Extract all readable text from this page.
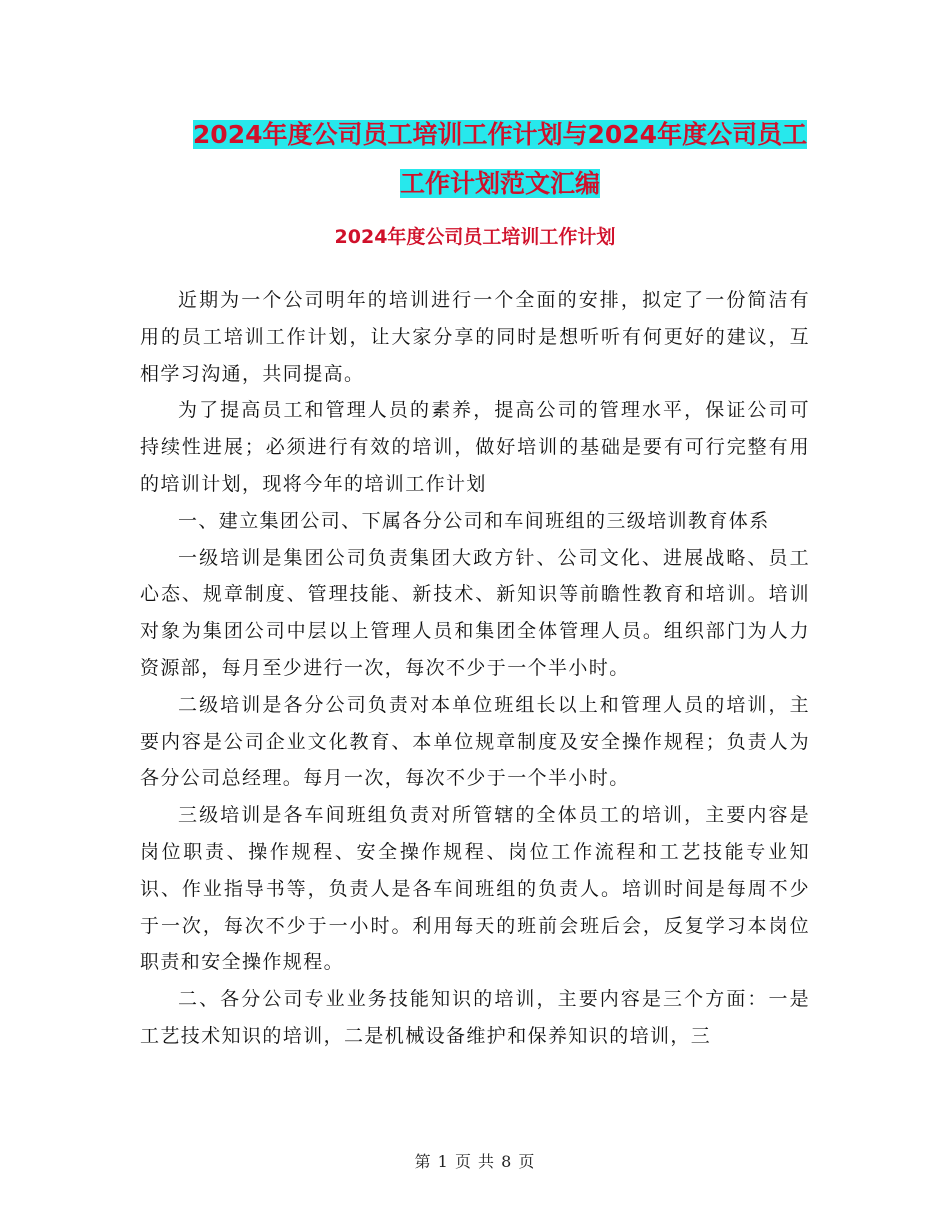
2024年度公司员工培训工作计划与2024年度公司员工
工作计划范文汇编
2024年度公司员工培训工作计划

近期为一个公司明年的培训进行一个全面的安排，拟定了一份简洁有用的员工培训工作计划，让大家分享的同时是想听听有何更好的建议，互相学习沟通，共同提高。

为了提高员工和管理人员的素养，提高公司的管理水平，保证公司可持续性进展；必须进行有效的培训，做好培训的基础是要有可行完整有用的培训计划，现将今年的培训工作计划

一、建立集团公司、下属各分公司和车间班组的三级培训教育体系

一级培训是集团公司负责集团大政方针、公司文化、进展战略、员工心态、规章制度、管理技能、新技术、新知识等前瞻性教育和培训。培训对象为集团公司中层以上管理人员和集团全体管理人员。组织部门为人力资源部，每月至少进行一次，每次不少于一个半小时。

二级培训是各分公司负责对本单位班组长以上和管理人员的培训，主要内容是公司企业文化教育、本单位规章制度及安全操作规程；负责人为各分公司总经理。每月一次，每次不少于一个半小时。

三级培训是各车间班组负责对所管辖的全体员工的培训，主要内容是岗位职责、操作规程、安全操作规程、岗位工作流程和工艺技能专业知识、作业指导书等，负责人是各车间班组的负责人。培训时间是每周不少于一次，每次不少于一小时。利用每天的班前会班后会，反复学习本岗位职责和安全操作规程。

二、各分公司专业业务技能知识的培训，主要内容是三个方面：一是工艺技术知识的培训，二是机械设备维护和保养知识的培训，三

第 1 页 共 8 页
